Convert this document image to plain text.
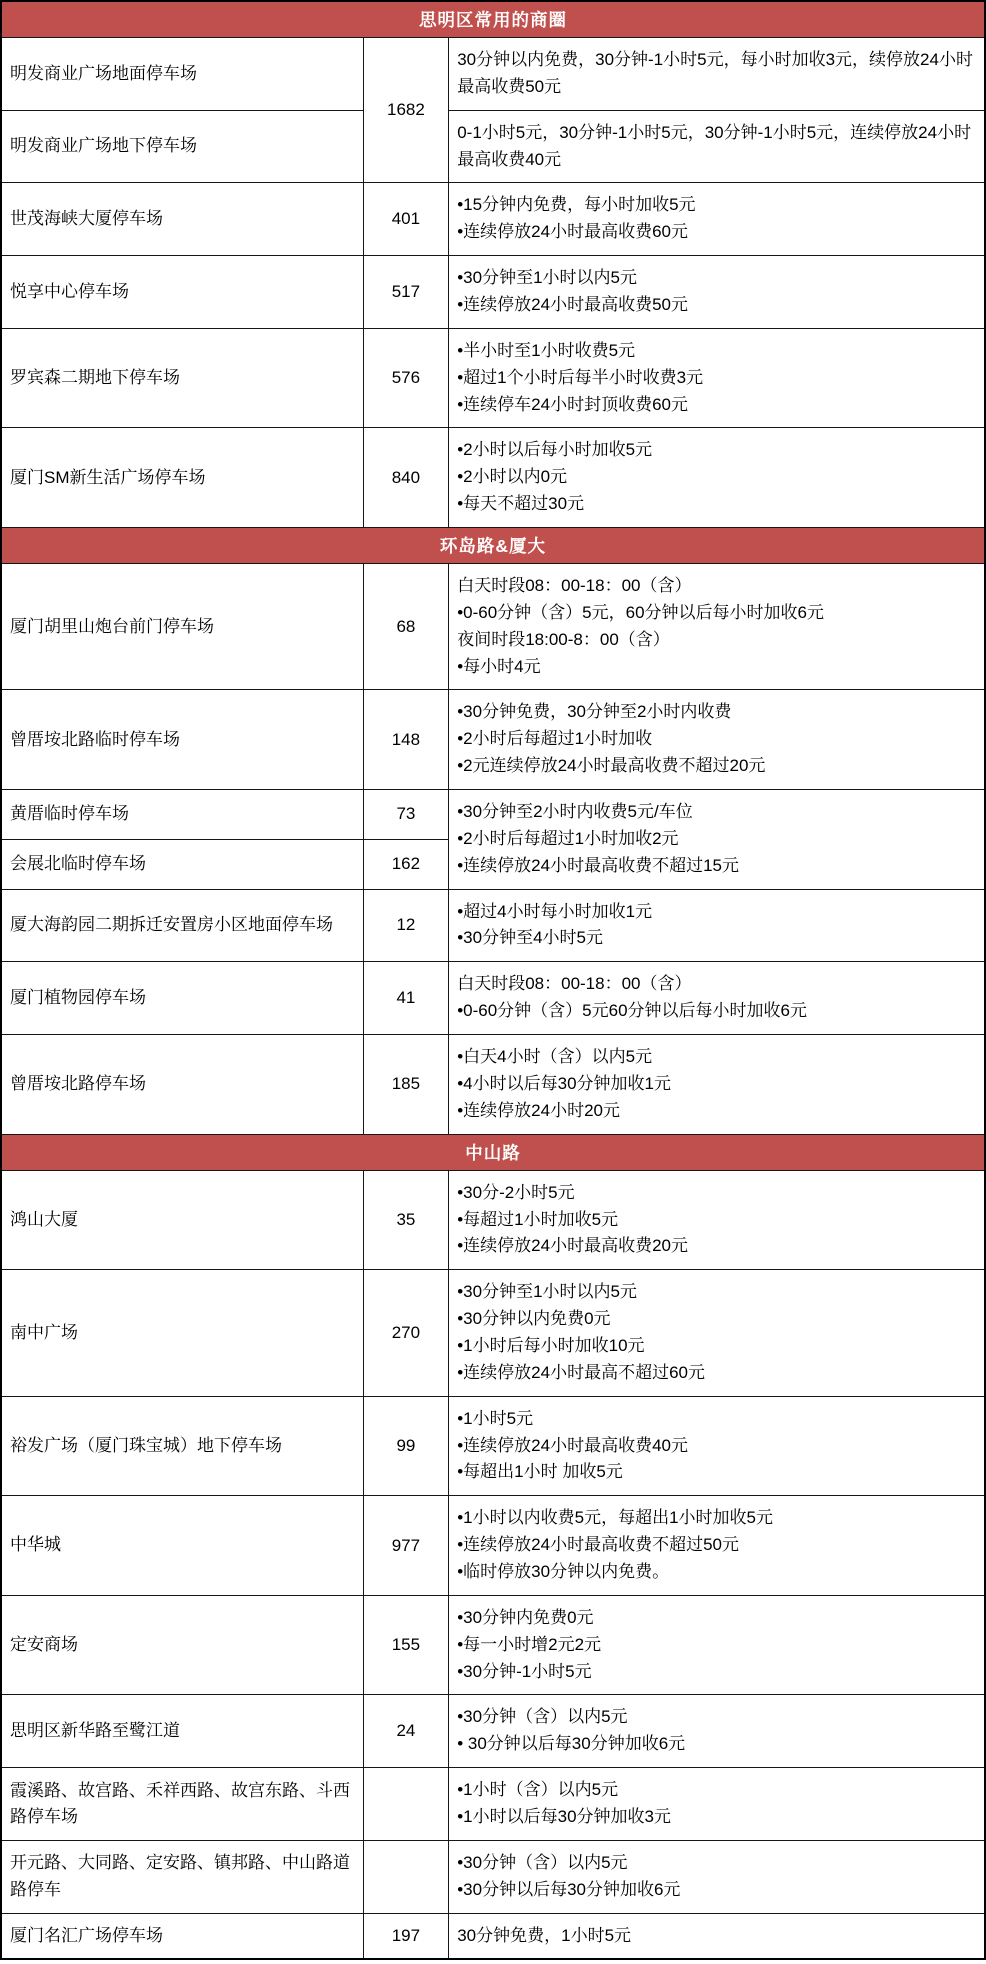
思明区常用的商圈		
明发商业广场地面停车场	1682	30分钟以内免费，30分钟-1小时5元，每小时加收3元，续停放24小时最高收费50元

明发商业广场地下停车场		0-1小时5元，30分钟-1小时5元，30分钟-1小时5元，连续停放24小时最高收费40元

世茂海峡大厦停车场	401	•15分钟内免费，每小时加收5元
•连续停放24小时最高收费60元

悦享中心停车场	517	•30分钟至1小时以内5元
•连续停放24小时最高收费50元

罗宾森二期地下停车场	576	•半小时至1小时收费5元
•超过1个小时后每半小时收费3元
•连续停车24小时封顶收费60元

厦门SM新生活广场停车场	840	•2小时以后每小时加收5元
•2小时以内0元
•每天不超过30元

环岛路&厦大		
厦门胡里山炮台前门停车场	68	白天时段08：00-18：00（含）
•0-60分钟（含）5元，60分钟以后每小时加收6元
夜间时段18:00-8：00（含）
•每小时4元

曾厝垵北路临时停车场	148	•30分钟免费，30分钟至2小时内收费
•2小时后每超过1小时加收
•2元连续停放24小时最高收费不超过20元

黄厝临时停车场	73	•30分钟至2小时内收费5元/车位
•2小时后每超过1小时加收2元
•连续停放24小时最高收费不超过15元

会展北临时停车场	162	
厦大海韵园二期拆迁安置房小区地面停车场	12	•超过4小时每小时加收1元
•30分钟至4小时5元

厦门植物园停车场	41	白天时段08：00-18：00（含）
•0-60分钟（含）5元60分钟以后每小时加收6元

曾厝垵北路停车场	185	•白天4小时（含）以内5元
•4小时以后每30分钟加收1元
•连续停放24小时20元

中山路		
鸿山大厦	35	•30分-2小时5元
•每超过1小时加收5元
•连续停放24小时最高收费20元

南中广场	270	•30分钟至1小时以内5元
•30分钟以内免费0元
•1小时后每小时加收10元
•连续停放24小时最高不超过60元

裕发广场（厦门珠宝城）地下停车场	99	•1小时5元
•连续停放24小时最高收费40元
•每超出1小时 加收5元

中华城	977	•1小时以内收费5元，每超出1小时加收5元
•连续停放24小时最高收费不超过50元
•临时停放30分钟以内免费。

定安商场	155	•30分钟内免费0元
•每一小时增2元2元
•30分钟-1小时5元

思明区新华路至鹭江道	24	•30分钟（含）以内5元
• 30分钟以后每30分钟加收6元

霞溪路、故宫路、禾祥西路、故宫东路、斗西路停车场		•1小时（含）以内5元
•1小时以后每30分钟加收3元

开元路、大同路、定安路、镇邦路、中山路道路停车		•30分钟（含）以内5元
•30分钟以后每30分钟加收6元

厦门名汇广场停车场	197	30分钟免费，1小时5元
